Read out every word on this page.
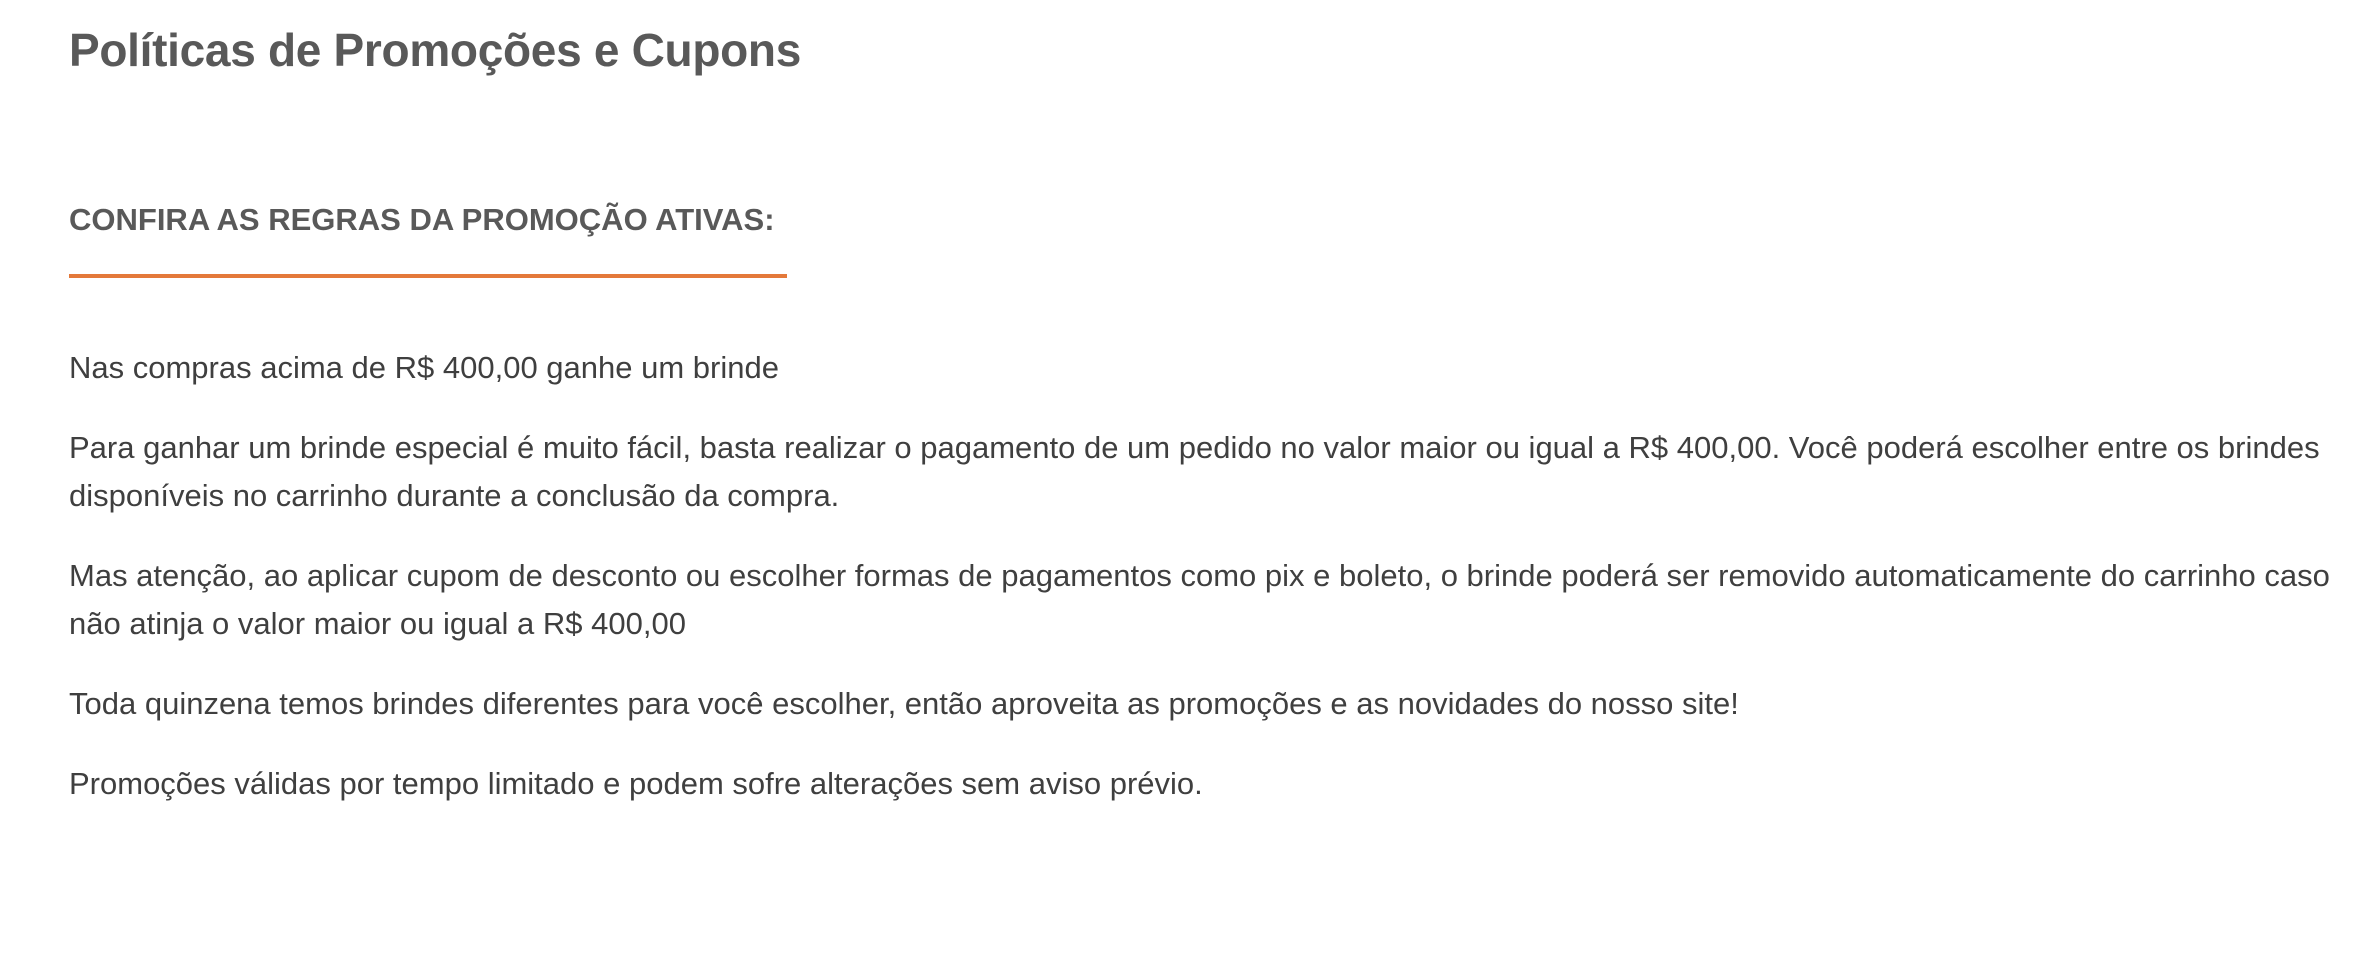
Políticas de Promoções e Cupons
CONFIRA AS REGRAS DA PROMOÇÃO ATIVAS:

Nas compras acima de R$ 400,00 ganhe um brinde

Para ganhar um brinde especial é muito fácil, basta realizar o pagamento de um pedido no valor maior ou igual a R$ 400,00. Você poderá escolher entre os brindes disponíveis no carrinho durante a conclusão da compra.

Mas atenção, ao aplicar cupom de desconto ou escolher formas de pagamentos como pix e boleto, o brinde poderá ser removido automaticamente do carrinho caso não atinja o valor maior ou igual a R$ 400,00

Toda quinzena temos brindes diferentes para você escolher, então aproveita as promoções e as novidades do nosso site!

Promoções válidas por tempo limitado e podem sofre alterações sem aviso prévio.
